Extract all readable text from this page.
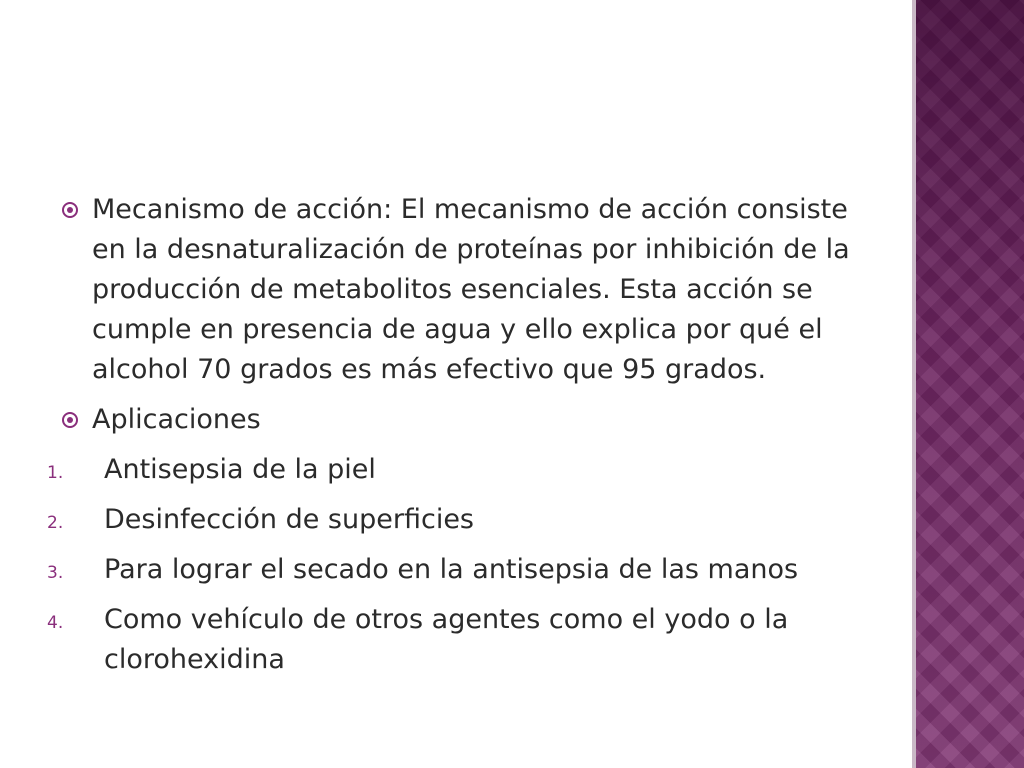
Mecanismo de acción: El mecanismo de acción consiste en la desnaturalización de proteínas por inhibición de la producción de metabolitos esenciales. Esta acción se cumple en presencia de agua y ello explica por qué el alcohol 70 grados es más efectivo que 95 grados.
Aplicaciones
1. Antisepsia de la piel
2. Desinfección de superficies
3. Para lograr el secado en la antisepsia de las manos
4. Como vehículo de otros agentes como el yodo o la clorohexidina
